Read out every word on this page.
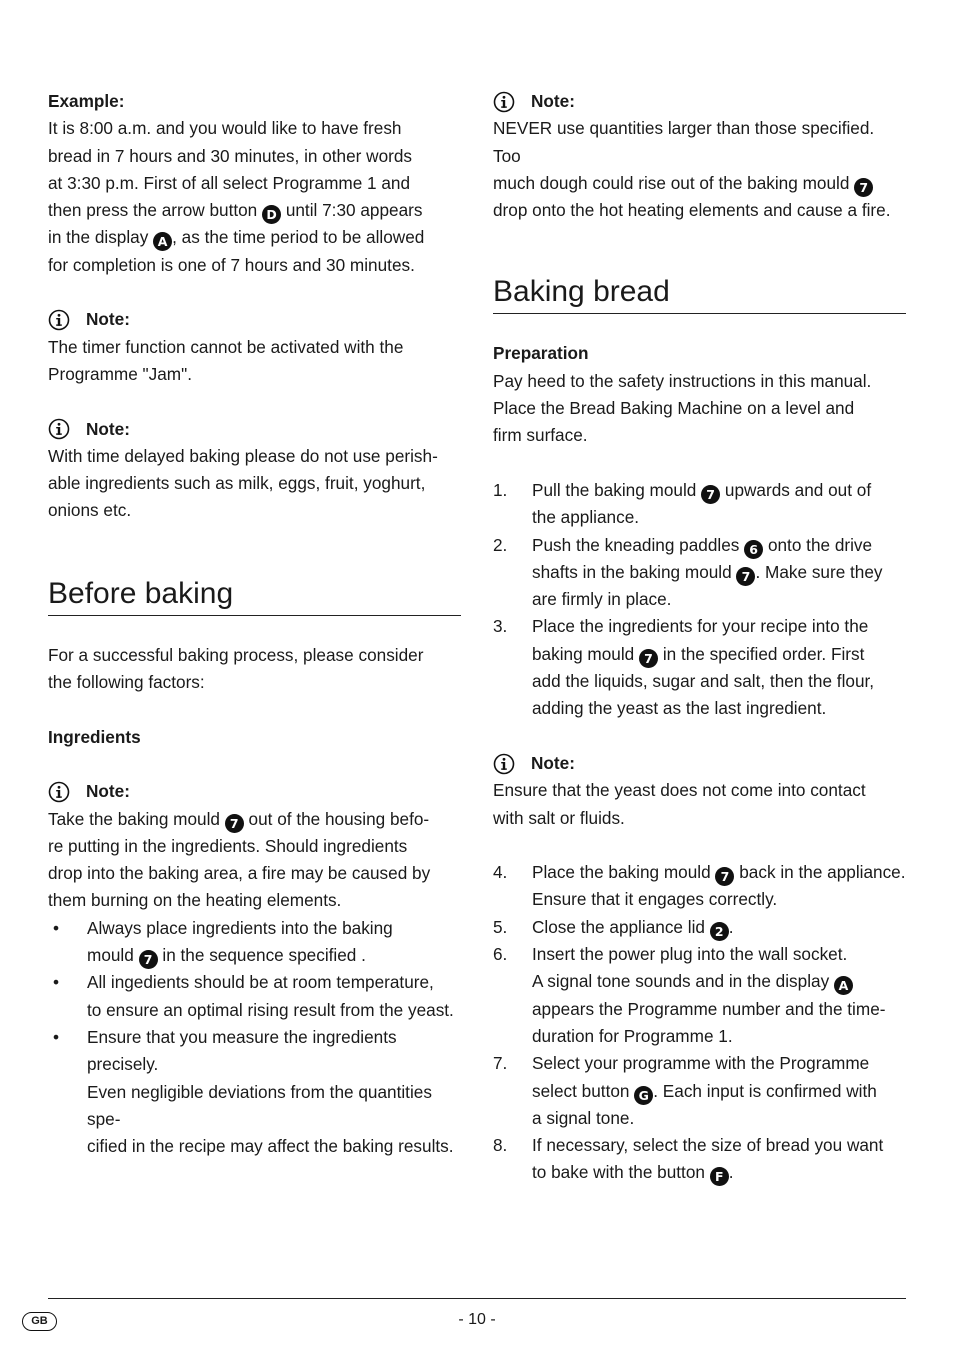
Example:

It is 8:00 a.m. and you would like to have fresh
bread in 7 hours and 30 minutes, in other words
at 3:30 p.m. First of all select Programme 1 and
then press the arrow button D until 7:30 appears
in the display A , as the time period to be allowed
for completion is one of 7 hours and 30 minutes.

Note:

The timer function cannot be activated with the
Programme "Jam".

Note:

With time delayed baking please do not use perish-
able ingredients such as milk, eggs, fruit, yoghurt,
onions etc.

Before baking

For a successful baking process, please consider
the following factors:

Ingredients

Note:

Take the baking mould 7 out of the housing befo-
re putting in the ingredients. Should ingredients
drop into the baking area, a fire may be caused by
them burning on the heating elements.

• Always place ingredients into the baking
mould 7 in the sequence specified .
• All ingedients should be at room temperature,
to ensure an optimal rising result from the yeast.
• Ensure that you measure the ingredients precisely.
Even negligible deviations from the quantities spe-
cified in the recipe may affect the baking results.
Note:

NEVER use quantities larger than those specified. Too
much dough could rise out of the baking mould 7
drop onto the hot heating elements and cause a fire.

Baking bread

Preparation

Pay heed to the safety instructions in this manual.
Place the Bread Baking Machine on a level and
firm surface.

1. Pull the baking mould 7 upwards and out of
the appliance.
2. Push the kneading paddles 6 onto the drive
shafts in the baking mould 7 . Make sure they
are firmly in place.
3. Place the ingredients for your recipe into the
baking mould 7 in the specified order. First
add the liquids, sugar and salt, then the flour,
adding the yeast as the last ingredient.
Note:

Ensure that the yeast does not come into contact
with salt or fluids.

4. Place the baking mould 7 back in the appliance.
Ensure that it engages correctly.
5. Close the appliance lid 2 .
6. Insert the power plug into the wall socket.
A signal tone sounds and in the display A
appears the Programme number and the time-
duration for Programme 1.
7. Select your programme with the Programme
select button G . Each input is confirmed with
a signal tone.
8. If necessary, select the size of bread you want
to bake with the button F .
GB	- 10 -
